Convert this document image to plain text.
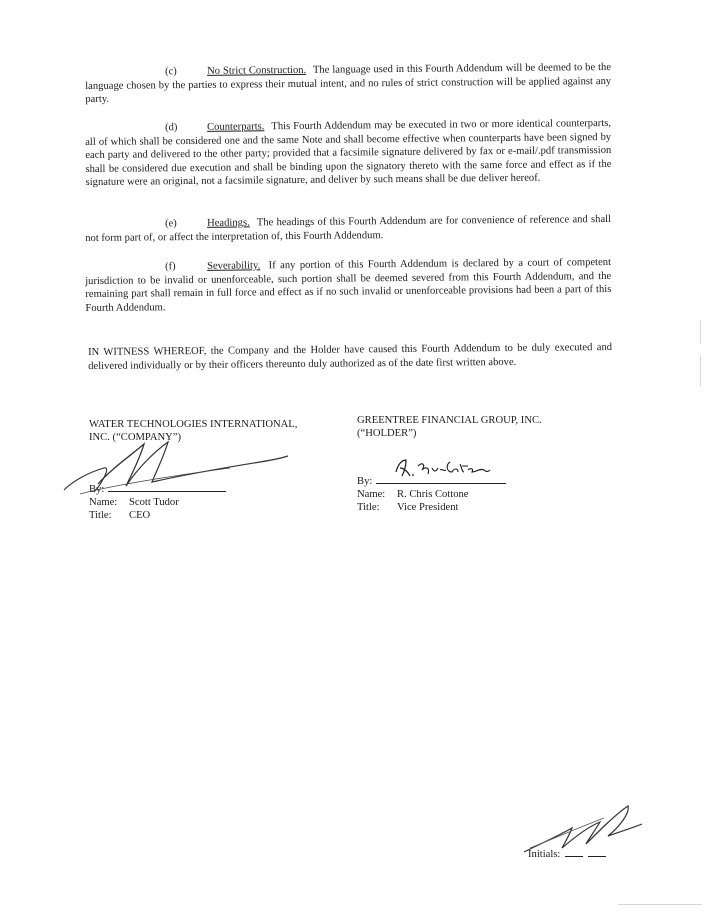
(c)	No Strict Construction. The language used in this Fourth Addendum will be deemed to be the language chosen by the parties to express their mutual intent, and no rules of strict construction will be applied against any party.
(d)	Counterparts. This Fourth Addendum may be executed in two or more identical counterparts, all of which shall be considered one and the same Note and shall become effective when counterparts have been signed by each party and delivered to the other party; provided that a facsimile signature delivered by fax or e-mail/.pdf transmission shall be considered due execution and shall be binding upon the signatory thereto with the same force and effect as if the signature were an original, not a facsimile signature, and deliver by such means shall be due deliver hereof.
(e)	Headings. The headings of this Fourth Addendum are for convenience of reference and shall not form part of, or affect the interpretation of, this Fourth Addendum.
(f)	Severability. If any portion of this Fourth Addendum is declared by a court of competent jurisdiction to be invalid or unenforceable, such portion shall be deemed severed from this Fourth Addendum, and the remaining part shall remain in full force and effect as if no such invalid or unenforceable provisions had been a part of this Fourth Addendum.
IN WITNESS WHEREOF, the Company and the Holder have caused this Fourth Addendum to be duly executed and delivered individually or by their officers thereunto duly authorized as of the date first written above.
WATER TECHNOLOGIES INTERNATIONAL,
INC. (“COMPANY”)
By:
Name: Scott Tudor
Title: CEO
GREENTREE FINANCIAL GROUP, INC.
(“HOLDER”)
By:
Name: R. Chris Cottone
Title: Vice President
Initials:
